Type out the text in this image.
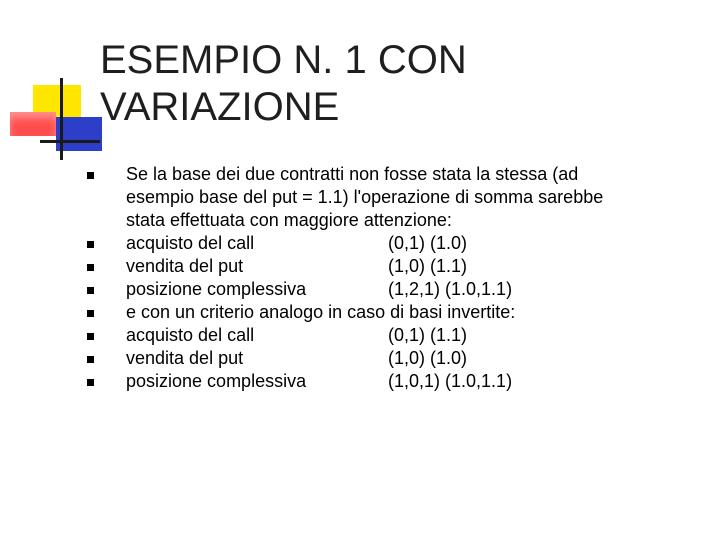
ESEMPIO N. 1 CON
VARIAZIONE
Se la base dei due contratti non fosse stata la stessa (ad
esempio base del put = 1.1) l'operazione di somma sarebbe
stata effettuata con maggiore attenzione:
acquisto del call	(0,1) (1.0)
vendita del put	(1,0) (1.1)
posizione complessiva	(1,2,1) (1.0,1.1)
e con un criterio analogo in caso di basi invertite:
acquisto del call	(0,1) (1.1)
vendita del put	(1,0) (1.0)
posizione complessiva	(1,0,1) (1.0,1.1)
